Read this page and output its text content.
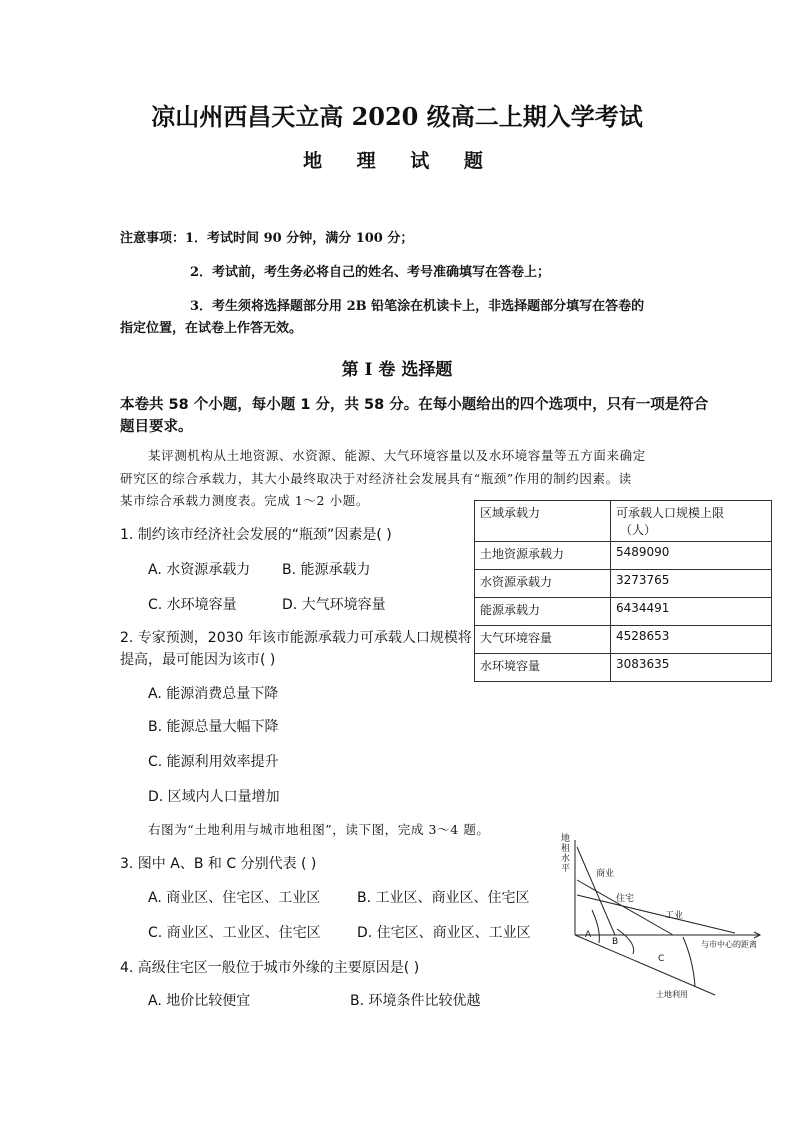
凉山州西昌天立高 2020 级高二上期入学考试
地 理 试 题
注意事项：1．考试时间 90 分钟，满分 100 分；
2．考试前，考生务必将自己的姓名、考号准确填写在答卷上；
3．考生须将选择题部分用 2B 铅笔涂在机读卡上，非选择题部分填写在答卷的
指定位置，在试卷上作答无效。
第 I 卷 选择题
本卷共 58 个小题，每小题 1 分，共 58 分。在每小题给出的四个选项中，只有一项是符合
题目要求。
某评测机构从土地资源、水资源、能源、大气环境容量以及水环境容量等五方面来确定
研究区的综合承载力，其大小最终取决于对经济社会发展具有“瓶颈”作用的制约因素。读
某市综合承载力测度表。完成 1～2 小题。
区域承载力	可承载人口规模上限
（人）

土地资源承载力	5489090
水资源承载力	3273765
能源承载力	6434491
大气环境容量	4528653
水环境容量	3083635
1. 制约该市经济社会发展的“瓶颈”因素是( )
A. 水资源承载力 B. 能源承载力
C. 水环境容量	D. 大气环境容量
2. 专家预测，2030 年该市能源承载力可承载人口规模将
提高，最可能因为该市( )
A. 能源消费总量下降
B. 能源总量大幅下降
C. 能源利用效率提升
D. 区域内人口量增加
右图为“土地利用与城市地租图”，读下图，完成 3～4 题。
3. 图中 A、B 和 C 分别代表 ( )
A. 商业区、住宅区、工业区	B. 工业区、商业区、住宅区
C. 商业区、工业区、住宅区	D. 住宅区、商业区、工业区
4. 高级住宅区一般位于城市外缘的主要原因是( )
A. 地价比较便宜	B. 环境条件比较优越
地
租
水
平	商业
住宅
工业
A
B
C
与市中心的距离
土地利用
